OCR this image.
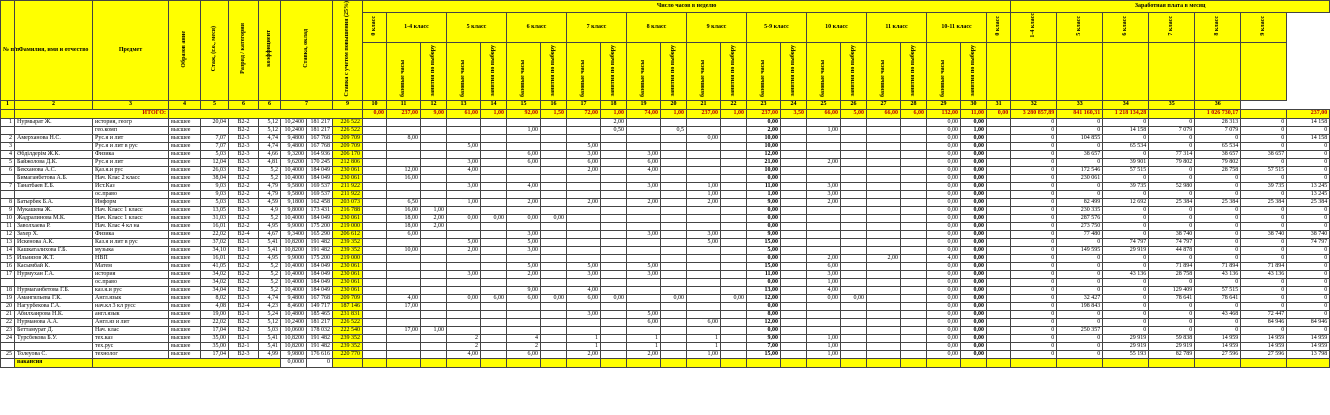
№ п/п	Фамилия, имя и отчество	Предмет	Образов ание	Стаж, (г.о., меся)	Разряд / категория	коэффициент	Ставка, оклад		Ставка с учетом повышения (25%)	Число часов в неделю																						Заработная плата в месяц						
										0 класс	1-4 класс		5 класс		6 класс		7 класс		8 класс		9 класс		5-9 класс		10 класс		11 класс		10-11 класс		0 класс	1-4 класс	5 класс	6 класс	7 класс	8 класс	9 класс	
											базовые часы	занятия по выбору	базовые часы	занятия по выбору	базовые часы	занятия по выбору	базовые часы	занятия по выбору	базовые часы	занятия по выбору	базовые часы	занятия по выбору	базовые часы	занятия по выбору	базовые часы	занятия по выбору	базовые часы	занятия по выбору	базовые часы	занятия по выбору								
1	2	3	4	5	6	6	7		9	10	11	12	13	14	15	16	17	18	19	20	21	22	23	24	25	26	27	28	29	30	31	32	33	34	35	36		
	ИТОГО:									0,00	237,00	9,00	61,00	1,00	92,00	1,50	72,00	1,00	74,00	1,00	237,00	1,00	237,00	3,50	66,00	5,00	66,00	6,00	132,00	11,00	0,00	3 280 857,89	841 160,31	1 218 134,28		1 026 730,17		237,00
1	Нурмырат Ж.	история, геогр	высшее	20,04	В2-2	5,12	10,2400	181 217	226 522									2,00					0,00						0,00	0,00		0	0	0	0	28 313	0	14 158
		гео.комп	высшее		В2-2	5,12	10,2400	181 217	226 522						1,00			0,50		0,5			2,00		1,00				0,00	1,00		0	0	14 158	7 079	7 079	0	0
2	Амерханова Н.С.	Рус.я и лит	высшее	7,07	В2-3	4,74	9,4800	167 768	209 709		8,00										0,00		10,00						0,00	0,00		0	104 855	0	0	0	0	14 158
3		Рус.я и лит в рус	высшее	7,07	В2-3	4,74	9,4800	167 768	209 709				5,00				5,00						10,00						0,00	0,00		0	0	65 534	0	65 534	0	0
4	Әбділдерім Ж.К.	Физика	высшее	5,03	В2-3	4,66	9,3200	164 936	206 170						6,00		3,00		3,00				12,00						0,00	0,00		0	38 657	0	77 314	38 657	38 657	0
5	Байжолова Д.К.	Рус.я и лит	высшее	12,04	В2-3	4,81	9,6200	170 245	212 806				3,00		6,00		6,00		6,00				21,00		2,00				0,00	0,00		0	0	39 901	79 802	79 802	0	0
6	Бекханова А.С.	Қаз.я.и рус	высшее	26,03	В2-2	5,2	10,4000	184 049	230 061		12,00		4,00				2,00		4,00				10,00						0,00	0,00		0	172 546	57 515	0	28 758	57 515	0
	Бимаганбетова А.Б.	Нач. Клас 2 класс	высшее	38,04	В2-2	5,2	10,4000	184 049	230 061		16,00												0,00						0,00	0,00		0	230 061	0	0	0	0	0
7	Танатбаев Е.Б.	Ист.Каз	высшее	9,03	В2-2	4,79	9,5800	169 537	211 922				3,00		4,00				3,00		1,00		11,00		3,00				0,00	0,00		0	0	39 735	52 980	0	39 735	13 245
		ос.право	высшее	9,03	В2-2	4,79	9,5800	169 537	211 922												1,00		1,00		3,00				0,00	0,00		0	0	0	0	0	0	13 245
8	Батырбек Б.А.	Информ	высшее	5,03	В2-3	4,59	9,1800	162 458	203 073		6,50		1,00		2,00		2,00		2,00		2,00		9,00		2,00				0,00	0,00		0	82 499	12 692	25 384	25 384	25 384	25 384
9	Мукашева Ж.	Нач. Класс 1 класс	высшее	13,05	В2-3	4,9	9,8000	173 431	216 788		16,00	1,00											0,00						0,00	0,00		0	230 335	0	0	0	0	0
10	Жадралинова М.К.	Нач. Класс 1 класс	высшее	31,03	В2-2	5,2	10,4000	184 049	230 061		18,00	2,00	0,00	0,00	0,00	0,00							0,00						0,00	0,00		0	287 576	0	0	0	0	0
11	Заволхаева Р.	Нач. Клас 4 кл на	высшее	16,01	В2-2	4,95	9,9000	175 200	219 000		18,00	2,00											0,00						0,00	0,00		0	273 750	0	0	0	0	0
12	Захер Х.	Физика	высшее	22,02	В2-4	4,67	9,3400	165 290	206 612		6,00				3,00				3,00		3,00		9,00						0,00	0,00		0	77 480	0	38 740	0	38 740	38 740
13	Искенова А.К.	Каз.я и лит в рус	высшее	37,02	В2-1	5,41	10,8200	191 482	239 352				5,00		5,00						5,00		15,00						0,00	0,00		0	0	74 797	74 797	0	0	74 797
14	Кашкаталихова Г.Б.	музыка	высшее	34,10	В2-1	5,41	10,8200	191 482	239 352		10,00		2,00		3,00								5,00						0,00	0,00		0	149 595	29 919	44 878	0	0	0
15	Ильиязов Ж.Т.	НВП	высшее	16,01	В2-2	4,95	9,9000	175 200	219 000														0,00		2,00		2,00		4,00	0,00		0	0	0	0	0	0	0
16	Касымбай К.	Матем	высшее	41,05	В2-2	5,2	10,4000	184 049	230 061						5,00		5,00		5,00				15,00		6,00				0,00	0,00		0	0	0	71 894	71 894	71 894	0
17	Нурмухан Г.А.	история	высшее	34,02	В2-2	5,2	10,4000	184 049	230 061				3,00		2,00		3,00		3,00				11,00		3,00				0,00	0,00		0	0	43 136	28 758	43 136	43 136	0
		ос.право	высшее	34,02	В2-2	5,2	10,4000	184 049	230 061														0,00		1,00				0,00	0,00		0	0	0	0	0	0	0
18	Нурмаганбетова Г.Б.	каз.я.и рус	высшее	34,04	В2-2	5,2	10,4000	184 049	230 061						9,00		4,00						13,00		4,00				0,00	0,00		0	0	0	129 409	57 515	0	0
19	Амангильева Г.К.	Англ.язык	высшее	8,02	В2-3	4,74	9,4800	167 768	209 709		4,00		0,00	6,00	6,00	0,00	6,00	0,00		0,00		0,00	12,00		0,00	0,00			0,00	0,00		0	32 427	0	78 641	78 641	0	0
20	Нагурбекова Г.А.	нач.кл 3 кл русс	высшее	4,08	В2-4	4,23	8,4600	149 717	187 146		17,00												0,00						0,00	0,00		0	198 843	0	0	0	0	0
21	Абилхаирова Н.К.	англ.язык	высшее	19,00	В2-1	5,24	10,4800	185 465	231 831								3,00		5,00				8,00						0,00	0,00		0	0	0	0	43 468	72 447	0
22	Нурманова А.А.	Англ.яз и лит	высшее	22,02	В2-2	5,12	10,2400	181 217	226 522										6,00		6,00		12,00						0,00	0,00		0	0	0	0	0	84 946	84 946
23	Беттамурат Д.	Нач. клас	высшее	17,04	В2-2	5,03	10,0600	178 032	222 540		17,00	1,00											0,00						0,00	0,00		0	250 357	0	0	0	0	0
24	Турсбекова Б.У.	тех.каз	высшее	35,00	В2-1	5,41	10,8200	191 482	239 352				2		4		1		1		1		9,00		1,00				0,00	0,00		0	0	29 919	59 838	14 959	14 959	14 959
		тех.рус	высшее	35,00	В2-1	5,41	10,8200	191 482	239 352				2		2		1		1		1		7,00		1,00				0,00	0,00		0	0	29 919	29 919	14 959	14 959	14 959
25	Толеуова С.	технолог	высшее	17,04	В2-3	4,99	9,9800	176 616	220 770				4,00		6,00		2,00		2,00		1,00		15,00		1,00				0,00	0,00		0	0	55 193	82 789	27 596	27 596	13 798
	вакансия						0,0000	0																														
